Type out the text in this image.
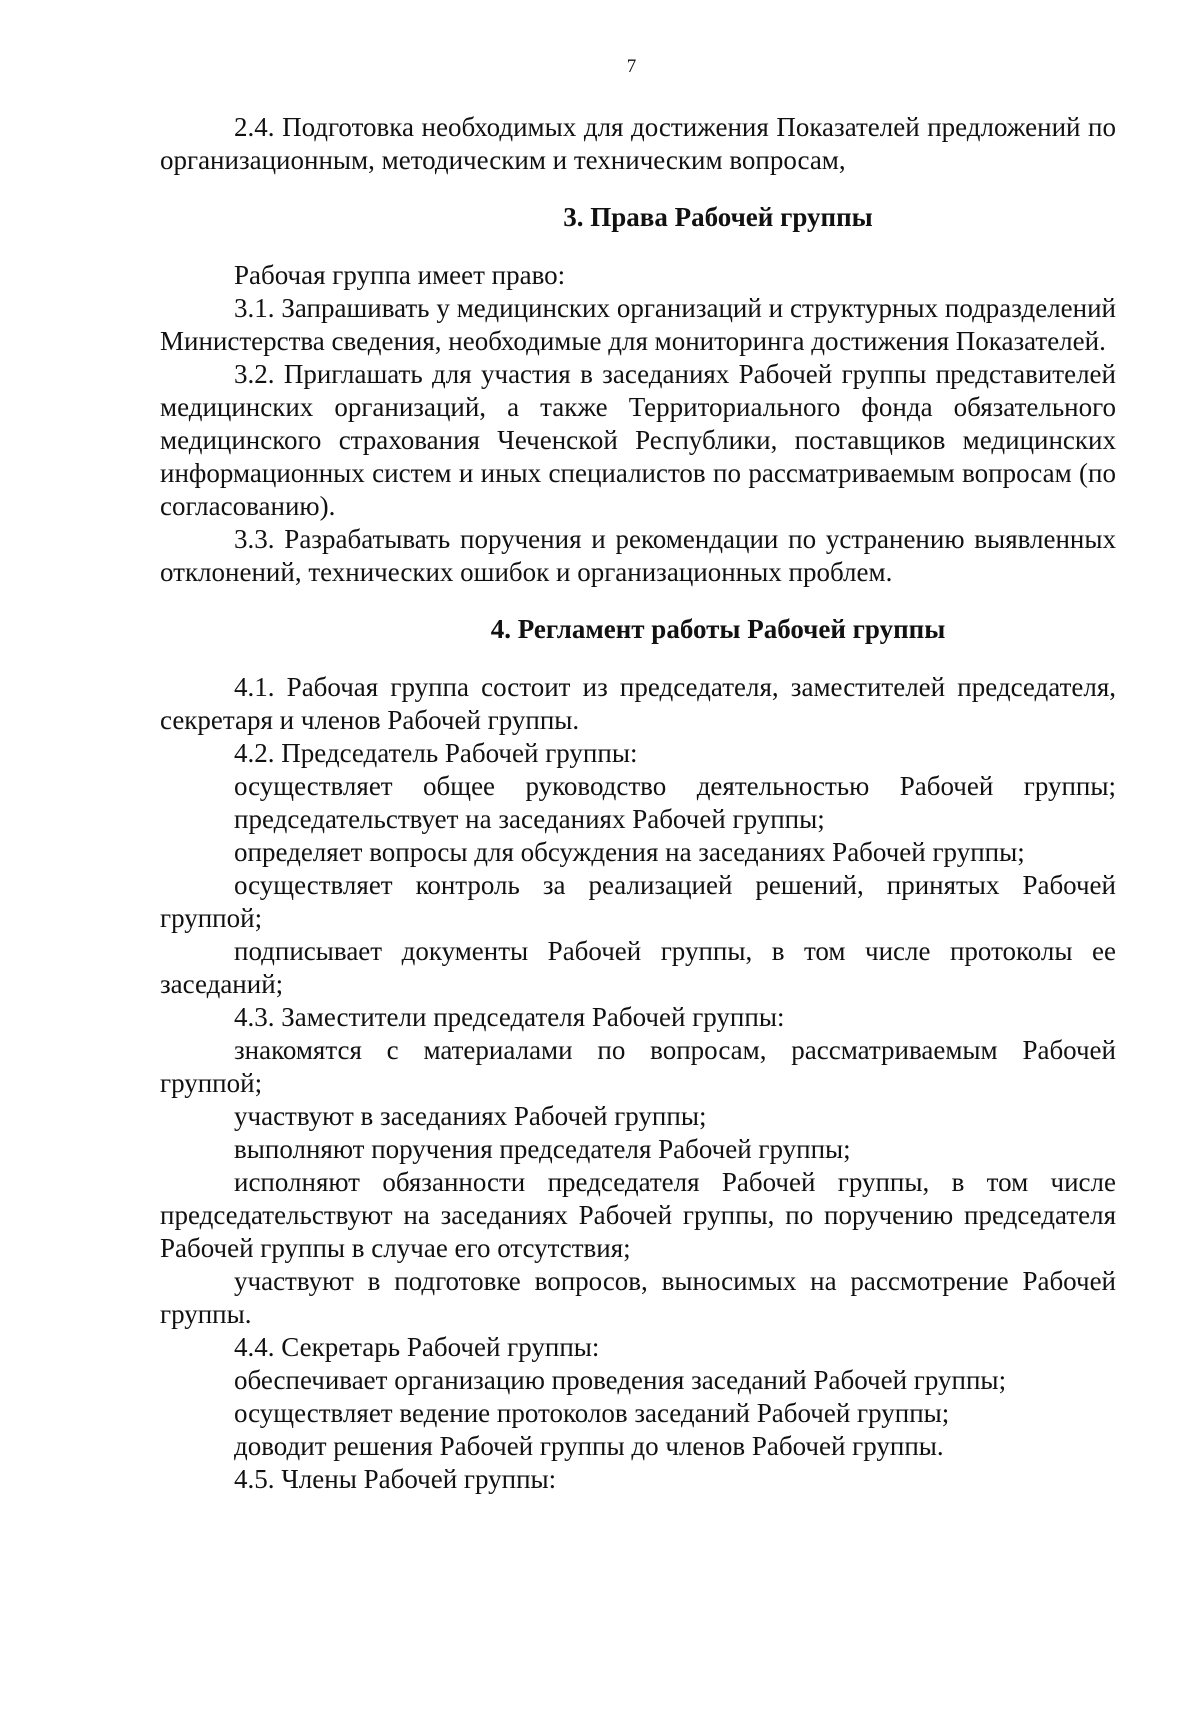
7

2.4. Подготовка необходимых для достижения Показателей предложений по организационным, методическим и техническим вопросам,

3. Права Рабочей группы

Рабочая группа имеет право:

3.1. Запрашивать у медицинских организаций и структурных подразделений Министерства сведения, необходимые для мониторинга достижения Показателей.

3.2. Приглашать для участия в заседаниях Рабочей группы представителей медицинских организаций, а также Территориального фонда обязательного медицинского страхования Чеченской Республики, поставщиков медицинских информационных систем и иных специалистов по рассматриваемым вопросам (по согласованию).

3.3. Разрабатывать поручения и рекомендации по устранению выявленных отклонений, технических ошибок и организационных проблем.

4. Регламент работы Рабочей группы

4.1. Рабочая группа состоит из председателя, заместителей председателя, секретаря и членов Рабочей группы.

4.2. Председатель Рабочей группы:

осуществляет общее руководство деятельностью Рабочей группы;

председательствует на заседаниях Рабочей группы;

определяет вопросы для обсуждения на заседаниях Рабочей группы;

осуществляет контроль за реализацией решений, принятых Рабочей группой;

подписывает документы Рабочей группы, в том числе протоколы ее заседаний;

4.3. Заместители председателя Рабочей группы:

знакомятся с материалами по вопросам, рассматриваемым Рабочей группой;

участвуют в заседаниях Рабочей группы;

выполняют поручения председателя Рабочей группы;

исполняют обязанности председателя Рабочей группы, в том числе председательствуют на заседаниях Рабочей группы, по поручению председателя Рабочей группы в случае его отсутствия;

участвуют в подготовке вопросов, выносимых на рассмотрение Рабочей группы.

4.4. Секретарь Рабочей группы:

обеспечивает организацию проведения заседаний Рабочей группы;

осуществляет ведение протоколов заседаний Рабочей группы;

доводит решения Рабочей группы до членов Рабочей группы.

4.5. Члены Рабочей группы:
